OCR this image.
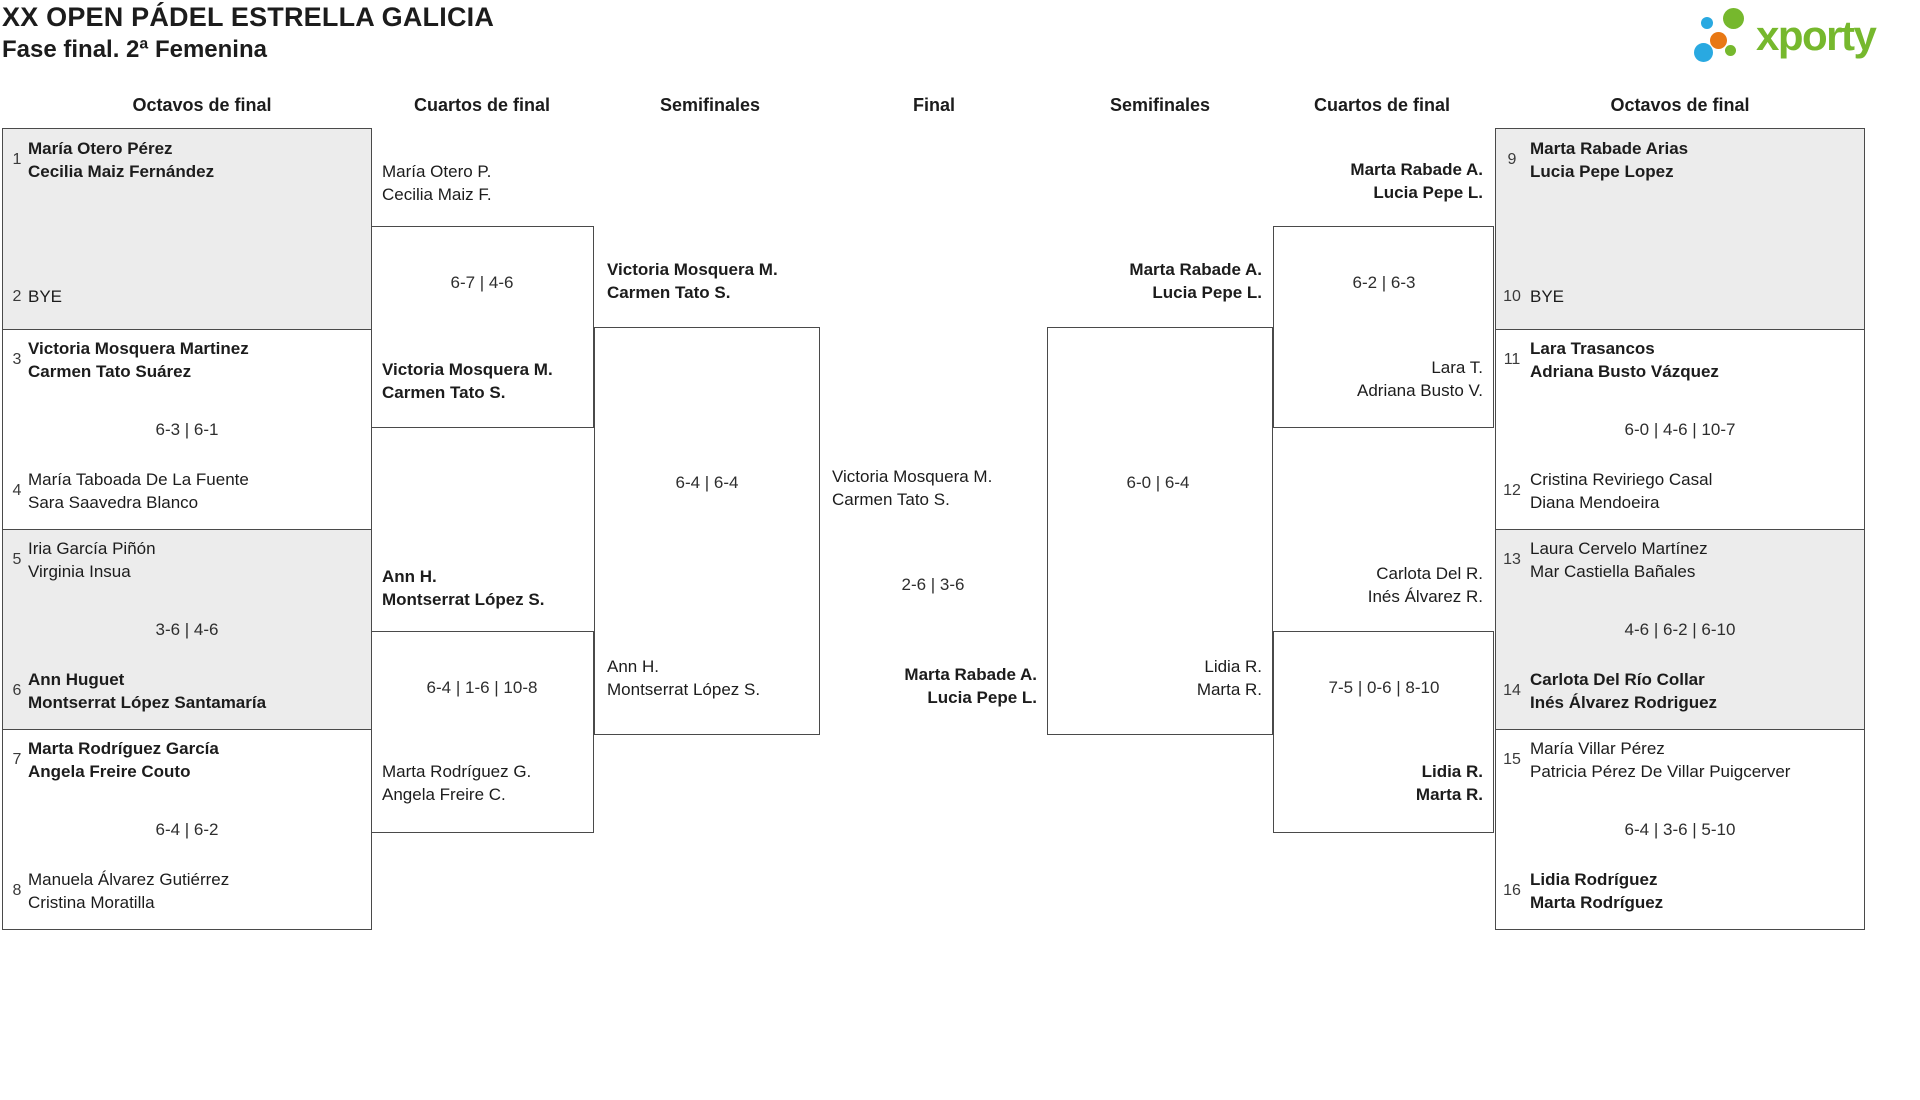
XX OPEN PÁDEL ESTRELLA GALICIA
Fase final. 2ª Femenina	xporty
Octavos de final	Cuartos de final	Semifinales	Final	Semifinales	Cuartos de final	Octavos de final
1
María Otero Pérez
Cecilia Maiz Fernández
2 BYE
3
Victoria Mosquera Martinez
Carmen Tato Suárez
6-3 | 6-1
4
María Taboada De La Fuente
Sara Saavedra Blanco
5
Iria García Piñón
Virginia Insua
3-6 | 4-6
6
Ann Huguet
Montserrat López Santamaría
7
Marta Rodríguez García
Angela Freire Couto
6-4 | 6-2
8
Manuela Álvarez Gutiérrez
Cristina Moratilla
María Otero P.
Cecilia Maiz F.
6-7 | 4-6
Victoria Mosquera M.
Carmen Tato S.
Ann H.
Montserrat López S.
6-4 | 1-6 | 10-8
Marta Rodríguez G.
Angela Freire C.
Victoria Mosquera M.
Carmen Tato S.
6-4 | 6-4
Ann H.
Montserrat López S.
Victoria Mosquera M.
Carmen Tato S.
2-6 | 3-6
Marta Rabade A.
Lucia Pepe L.
Marta Rabade A.
Lucia Pepe L.
6-0 | 6-4
Lidia R.
Marta R.
Marta Rabade A.
Lucia Pepe L.
6-2 | 6-3
Lara T.
Adriana Busto V.
Carlota Del R.
Inés Álvarez R.
7-5 | 0-6 | 8-10
Lidia R.
Marta R.
9
Marta Rabade Arias
Lucia Pepe Lopez
10 BYE
11
Lara Trasancos
Adriana Busto Vázquez
6-0 | 4-6 | 10-7
12
Cristina Reviriego Casal
Diana Mendoeira
13
Laura Cervelo Martínez
Mar Castiella Bañales
4-6 | 6-2 | 6-10
14
Carlota Del Río Collar
Inés Álvarez Rodriguez
15
María Villar Pérez
Patricia Pérez De Villar Puigcerver
6-4 | 3-6 | 5-10
16
Lidia Rodríguez
Marta Rodríguez
